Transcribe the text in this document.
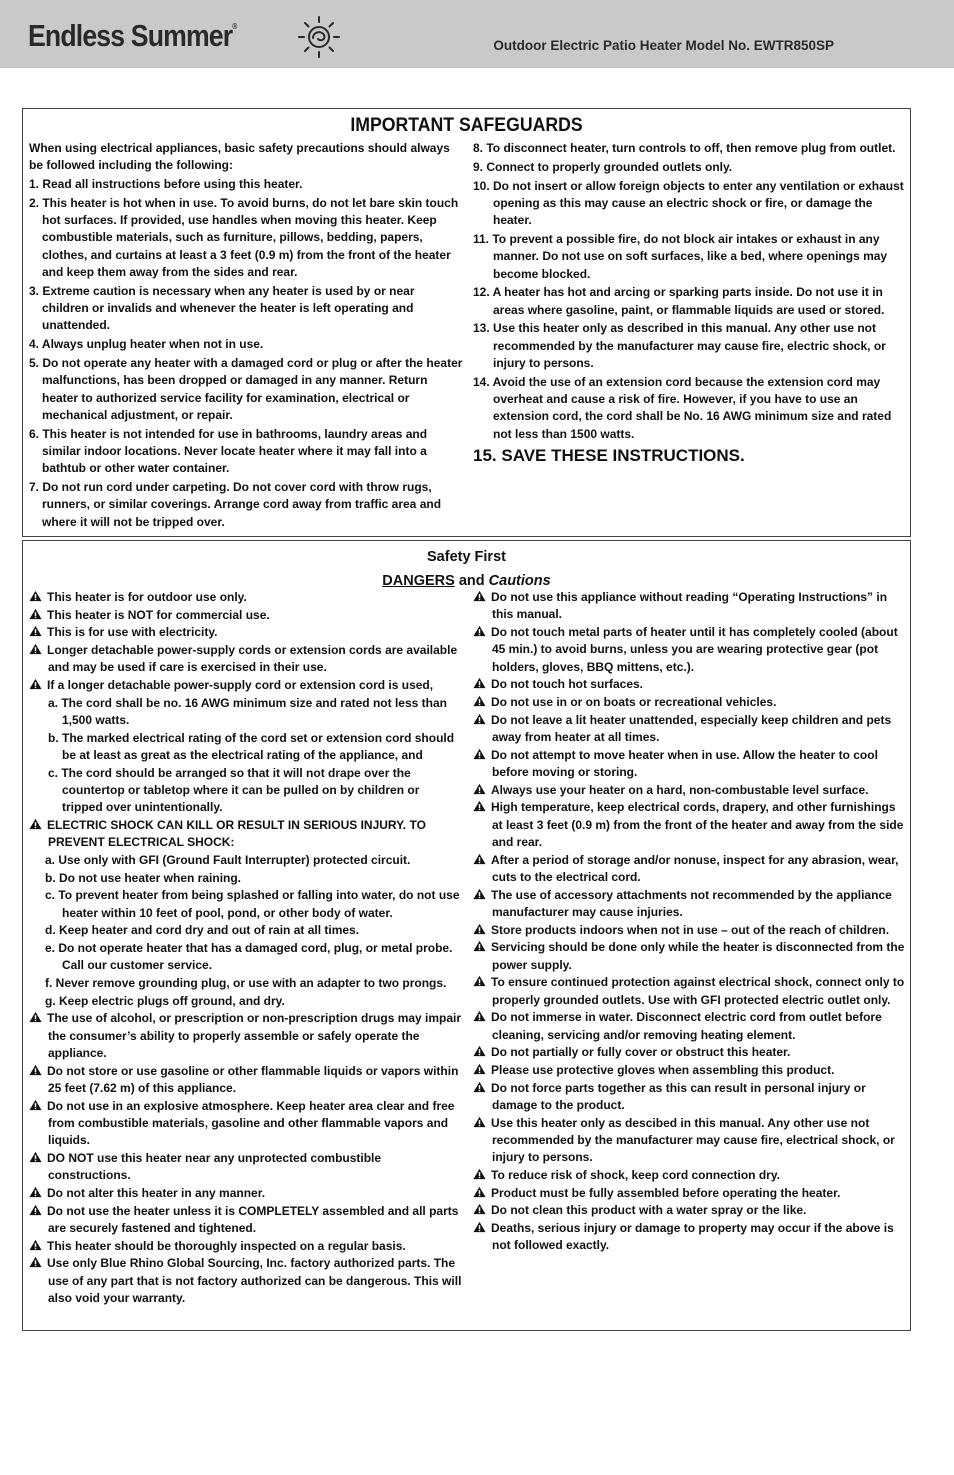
Endless Summer®
Outdoor Electric Patio Heater Model No. EWTR850SP
IMPORTANT SAFEGUARDS

When using electrical appliances, basic safety precautions should always be followed including the following:

1. Read all instructions before using this heater.

2. This heater is hot when in use. To avoid burns, do not let bare skin touch hot surfaces. If provided, use handles when moving this heater. Keep combustible materials, such as furniture, pillows, bedding, papers, clothes, and curtains at least a 3 feet (0.9 m) from the front of the heater and keep them away from the sides and rear.

3. Extreme caution is necessary when any heater is used by or near children or invalids and whenever the heater is left operating and unattended.

4. Always unplug heater when not in use.

5. Do not operate any heater with a damaged cord or plug or after the heater malfunctions, has been dropped or damaged in any manner. Return heater to authorized service facility for examination, electrical or mechanical adjustment, or repair.

6. This heater is not intended for use in bathrooms, laundry areas and similar indoor locations. Never locate heater where it may fall into a bathtub or other water container.

7. Do not run cord under carpeting. Do not cover cord with throw rugs, runners, or similar coverings. Arrange cord away from traffic area and where it will not be tripped over.

8. To disconnect heater, turn controls to off, then remove plug from outlet.

9. Connect to properly grounded outlets only.

10. Do not insert or allow foreign objects to enter any ventilation or exhaust opening as this may cause an electric shock or fire, or damage the heater.

11. To prevent a possible fire, do not block air intakes or exhaust in any manner. Do not use on soft surfaces, like a bed, where openings may become blocked.

12. A heater has hot and arcing or sparking parts inside. Do not use it in areas where gasoline, paint, or flammable liquids are used or stored.

13. Use this heater only as described in this manual. Any other use not recommended by the manufacturer may cause fire, electric shock, or injury to persons.

14. Avoid the use of an extension cord because the extension cord may overheat and cause a risk of fire. However, if you have to use an extension cord, the cord shall be No. 16 AWG minimum size and rated not less than 1500 watts.

15. SAVE THESE INSTRUCTIONS.

Safety First
DANGERS and Cautions

This heater is for outdoor use only.

This heater is NOT for commercial use.

This is for use with electricity.

Longer detachable power-supply cords or extension cords are available and may be used if care is exercised in their use.

If a longer detachable power-supply cord or extension cord is used,

a. The cord shall be no. 16 AWG minimum size and rated not less than 1,500 watts.

b. The marked electrical rating of the cord set or extension cord should be at least as great as the electrical rating of the appliance, and

c. The cord should be arranged so that it will not drape over the countertop or tabletop where it can be pulled on by children or tripped over unintentionally.

ELECTRIC SHOCK CAN KILL OR RESULT IN SERIOUS INJURY. TO PREVENT ELECTRICAL SHOCK:

a. Use only with GFI (Ground Fault Interrupter) protected circuit.

b. Do not use heater when raining.

c. To prevent heater from being splashed or falling into water, do not use heater within 10 feet of pool, pond, or other body of water.

d. Keep heater and cord dry and out of rain at all times.

e. Do not operate heater that has a damaged cord, plug, or metal probe. Call our customer service.

f. Never remove grounding plug, or use with an adapter to two prongs.

g. Keep electric plugs off ground, and dry.

The use of alcohol, or prescription or non-prescription drugs may impair the consumer’s ability to properly assemble or safely operate the appliance.

Do not store or use gasoline or other flammable liquids or vapors within 25 feet (7.62 m) of this appliance.

Do not use in an explosive atmosphere. Keep heater area clear and free from combustible materials, gasoline and other flammable vapors and liquids.

DO NOT use this heater near any unprotected combustible constructions.

Do not alter this heater in any manner.

Do not use the heater unless it is COMPLETELY assembled and all parts are securely fastened and tightened.

This heater should be thoroughly inspected on a regular basis.

Use only Blue Rhino Global Sourcing, Inc. factory authorized parts. The use of any part that is not factory authorized can be dangerous. This will also void your warranty.

Do not use this appliance without reading “Operating Instructions” in this manual.

Do not touch metal parts of heater until it has completely cooled (about 45 min.) to avoid burns, unless you are wearing protective gear (pot holders, gloves, BBQ mittens, etc.).

Do not touch hot surfaces.

Do not use in or on boats or recreational vehicles.

Do not leave a lit heater unattended, especially keep children and pets away from heater at all times.

Do not attempt to move heater when in use. Allow the heater to cool before moving or storing.

Always use your heater on a hard, non-combustable level surface.

High temperature, keep electrical cords, drapery, and other furnishings at least 3 feet (0.9 m) from the front of the heater and away from the side and rear.

After a period of storage and/or nonuse, inspect for any abrasion, wear, cuts to the electrical cord.

The use of accessory attachments not recommended by the appliance manufacturer may cause injuries.

Store products indoors when not in use – out of the reach of children.

Servicing should be done only while the heater is disconnected from the power supply.

To ensure continued protection against electrical shock, connect only to properly grounded outlets. Use with GFI protected electric outlet only.

Do not immerse in water. Disconnect electric cord from outlet before cleaning, servicing and/or removing heating element.

Do not partially or fully cover or obstruct this heater.

Please use protective gloves when assembling this product.

Do not force parts together as this can result in personal injury or damage to the product.

Use this heater only as descibed in this manual. Any other use not recommended by the manufacturer may cause fire, electrical shock, or injury to persons.

To reduce risk of shock, keep cord connection dry.

Product must be fully assembled before operating the heater.

Do not clean this product with a water spray or the like.

Deaths, serious injury or damage to property may occur if the above is not followed exactly.
